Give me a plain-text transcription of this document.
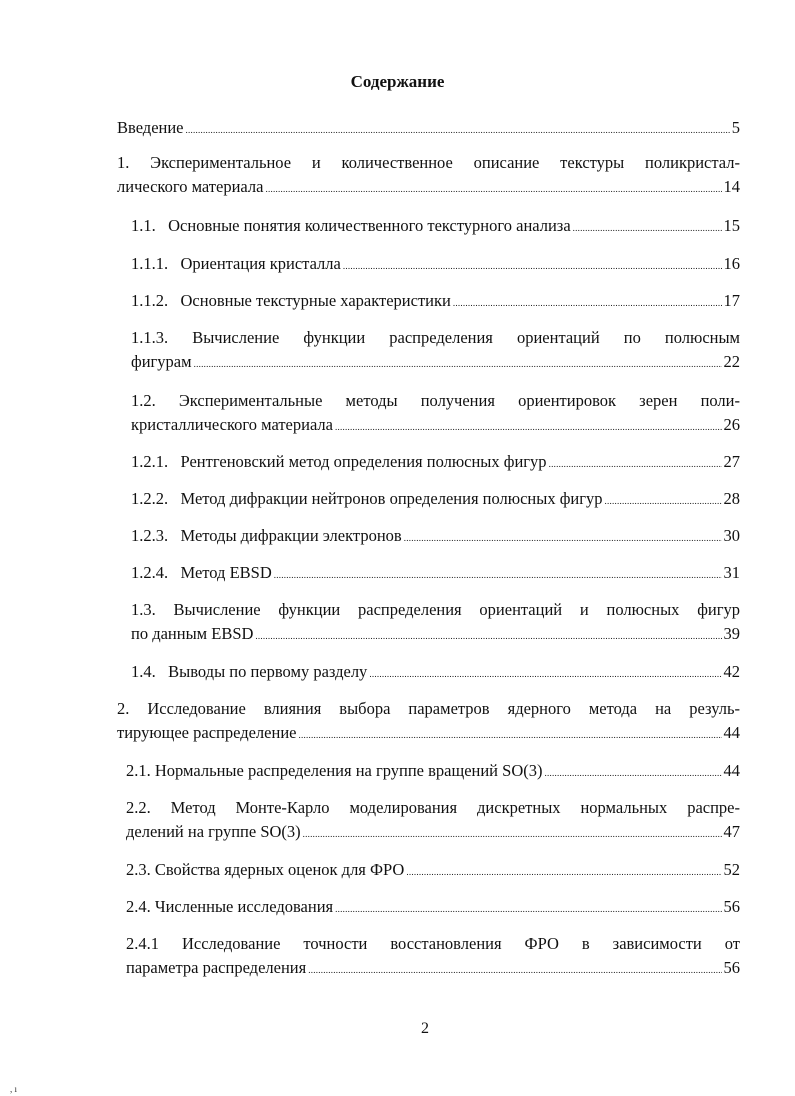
Содержание
Введение . . .	5
1. Экспериментальное и количественное описание текстуры поликристал-
лического материала . . .	14
1.1.   Основные понятия количественного текстурного анализа . . .	15
1.1.1.   Ориентация кристалла . . .	16
1.1.2.   Основные текстурные характеристики . . .	17
1.1.3. Вычисление функции распределения ориентаций по полюсным
фигурам . . .	22
1.2. Экспериментальные методы получения ориентировок зерен поли-
кристаллического материала . . .	26
1.2.1.   Рентгеновский метод определения полюсных фигур . . .	27
1.2.2.   Метод дифракции нейтронов определения полюсных фигур . . .	28
1.2.3.   Методы дифракции электронов . . .	30
1.2.4.   Метод EBSD . . .	31
1.3. Вычисление функции распределения ориентаций и полюсных фигур
по данным EBSD . . .	39
1.4.   Выводы по первому разделу . . .	42
2. Исследование влияния выбора параметров ядерного метода на резуль-
тирующее распределение . . .	44
2.1. Нормальные распределения на группе вращений SO(3) . . .	44
2.2. Метод Монте-Карло моделирования дискретных нормальных распре-
делений на группе SO(3) . . .	47
2.3. Свойства ядерных оценок для ФРО . . .	52
2.4. Численные исследования . . .	56
2.4.1 Исследование точности восстановления ФРО в зависимости от
параметра распределения . . .	56
2
, ı
